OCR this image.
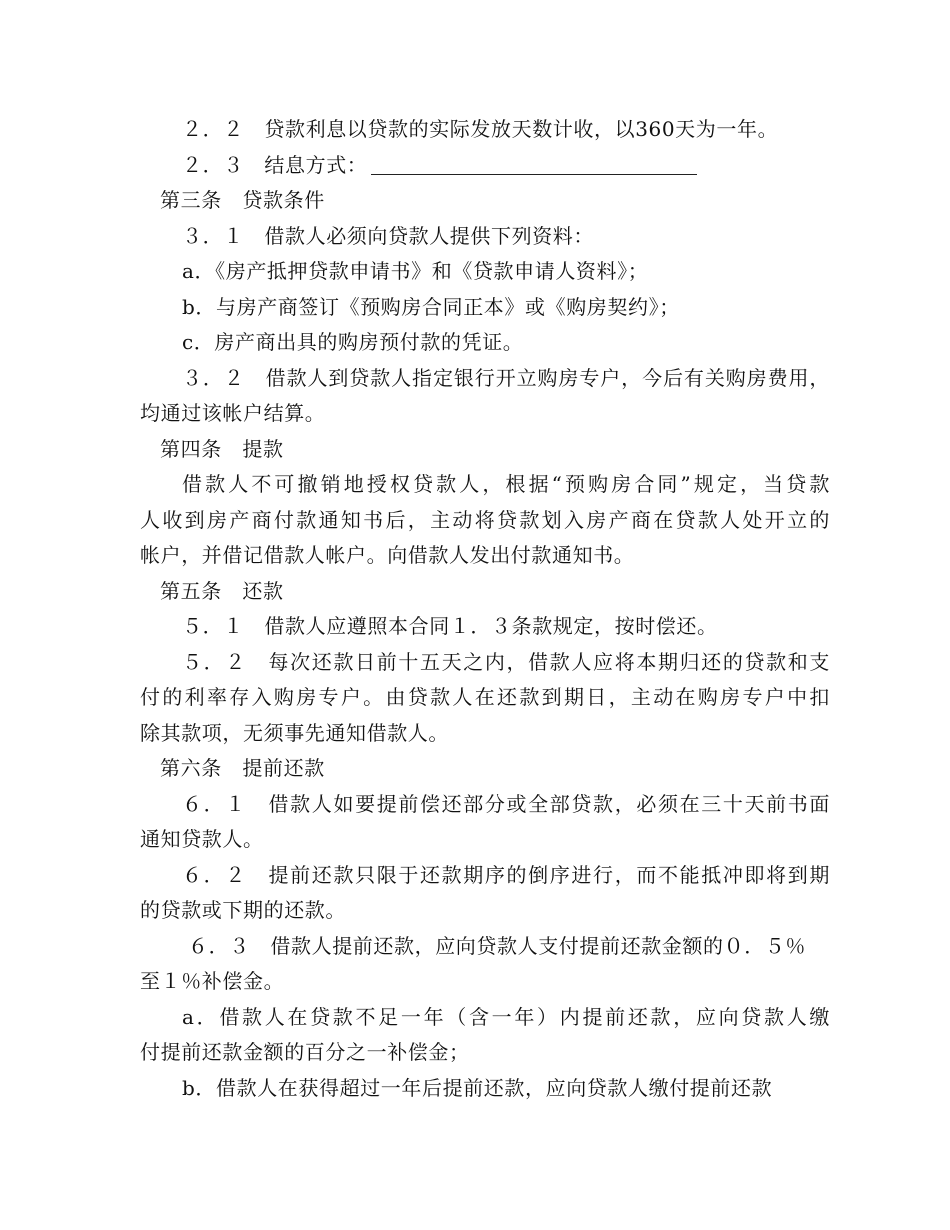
２．２　贷款利息以贷款的实际发放天数计收，以360天为一年。
２．３　结息方式：
第三条　贷款条件
３．１　借款人必须向贷款人提供下列资料：
a．《房产抵押贷款申请书》和《贷款申请人资料》；
b．与房产商签订《预购房合同正本》或《购房契约》；
c．房产商出具的购房预付款的凭证。
３．２　借款人到贷款人指定银行开立购房专户，今后有关购房费用，
均通过该帐户结算。
第四条　提款
借款人不可撤销地授权贷款人，根据“预购房合同”规定，当贷款
人收到房产商付款通知书后，主动将贷款划入房产商在贷款人处开立的
帐户，并借记借款人帐户。向借款人发出付款通知书。
第五条　还款
５．１　借款人应遵照本合同１．３条款规定，按时偿还。
５．２　每次还款日前十五天之内，借款人应将本期归还的贷款和支
付的利率存入购房专户。由贷款人在还款到期日，主动在购房专户中扣
除其款项，无须事先通知借款人。
第六条　提前还款
６．１　借款人如要提前偿还部分或全部贷款，必须在三十天前书面
通知贷款人。
６．２　提前还款只限于还款期序的倒序进行，而不能抵冲即将到期
的贷款或下期的还款。
６．３　借款人提前还款，应向贷款人支付提前还款金额的０．５％
至１％补偿金。
a．借款人在贷款不足一年（含一年）内提前还款，应向贷款人缴
付提前还款金额的百分之一补偿金；
b．借款人在获得超过一年后提前还款，应向贷款人缴付提前还款
